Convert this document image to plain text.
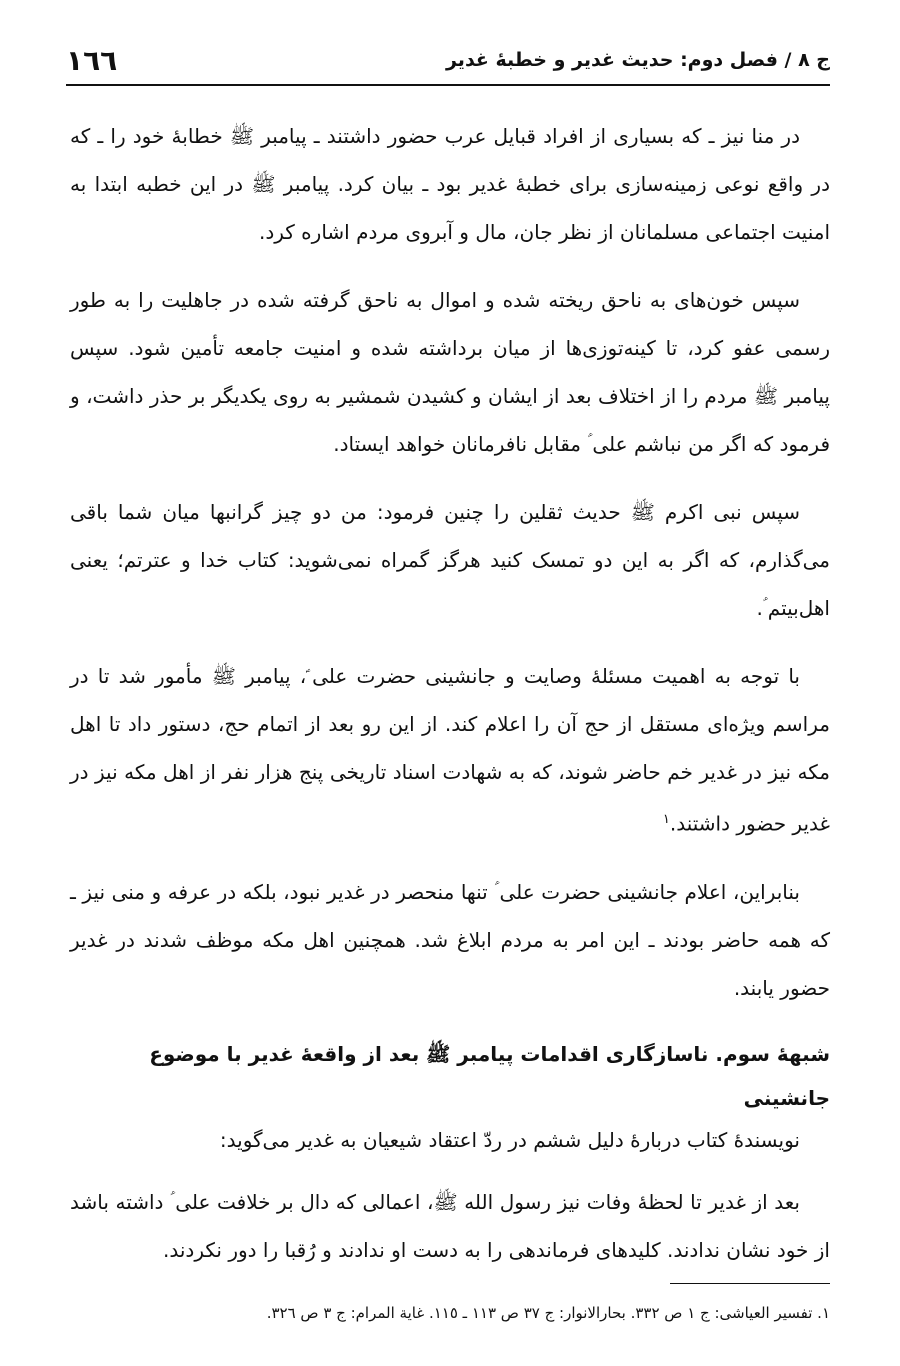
ج ٨ / فصل دوم: حدیث غدیر و خطبهٔ غدیر
١٦٦

در منا نیز ـ که بسیاری از افراد قبایل عرب حضور داشتند ـ پیامبر ﷺ خطابهٔ خود را ـ که در واقع نوعی زمینه‌سازی برای خطبهٔ غدیر بود ـ بیان کرد. پیامبر ﷺ در این خطبه ابتدا به امنیت اجتماعی مسلمانان از نظر جان، مال و آبروی مردم اشاره کرد.

سپس خون‌های به ناحق ریخته شده و اموال به ناحق گرفته شده در جاهلیت را به طور رسمی عفو کرد، تا کینه‌توزی‌ها از میان برداشته شده و امنیت جامعه تأمین شود. سپس پیامبر ﷺ مردم را از اختلاف بعد از ایشان و کشیدن شمشیر به روی یکدیگر بر حذر داشت، و فرمود که اگر من نباشم علی ؑ مقابل نافرمانان خواهد ایستاد.

سپس نبی اکرم ﷺ حدیث ثقلین را چنین فرمود: من دو چیز گرانبها میان شما باقی می‌گذارم، که اگر به این دو تمسک کنید هرگز گمراه نمی‌شوید: کتاب خدا و عترتم؛ یعنی اهل‌بیتم ؑ.

با توجه به اهمیت مسئلهٔ وصایت و جانشینی حضرت علی ؑ، پیامبر ﷺ مأمور شد تا در مراسم ویژه‌ای مستقل از حج آن را اعلام کند. از این رو بعد از اتمام حج، دستور داد تا اهل مکه نیز در غدیر خم حاضر شوند، که به شهادت اسناد تاریخی پنج هزار نفر از اهل مکه نیز در غدیر حضور داشتند.$^١$

بنابراین، اعلام جانشینی حضرت علی ؑ تنها منحصر در غدیر نبود، بلکه در عرفه و منی نیز ـ که همه حاضر بودند ـ این امر به مردم ابلاغ شد. همچنین اهل مکه موظف شدند در غدیر حضور یابند.

شبههٔ سوم. ناسازگاری اقدامات پیامبر ﷺ بعد از واقعهٔ غدیر با موضوع جانشینی

نویسندهٔ کتاب دربارهٔ دلیل ششم در ردّ اعتقاد شیعیان به غدیر می‌گوید:

بعد از غدیر تا لحظهٔ وفات نیز رسول الله ﷺ، اعمالی که دال بر خلافت علی ؑ داشته باشد از خود نشان ندادند. کلیدهای فرماندهی را به دست او ندادند و رُقبا را دور نکردند.

١. تفسیر العیاشی: ج ١ ص ٣٣٢. بحارالانوار: ج ٣٧ ص ١١٣ ـ ١١٥. غایة المرام: ج ٣ ص ٣٢٦.
